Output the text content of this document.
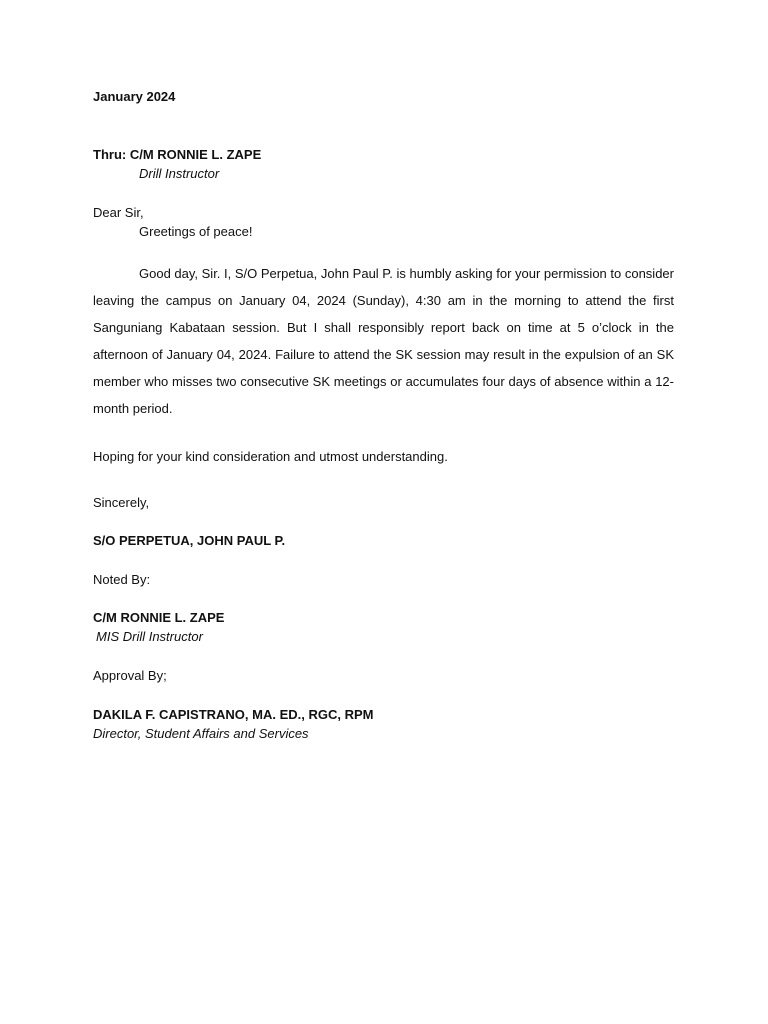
January 2024
Thru: C/M RONNIE L. ZAPE
Drill Instructor
Dear Sir,
Greetings of peace!

Good day, Sir. I, S/O Perpetua, John Paul P. is humbly asking for your permission to consider leaving the campus on January 04, 2024 (Sunday), 4:30 am in the morning to attend the first Sanguniang Kabataan session. But I shall responsibly report back on time at 5 o’clock in the afternoon of January 04, 2024. Failure to attend the SK session may result in the expulsion of an SK member who misses two consecutive SK meetings or accumulates four days of absence within a 12-month period.

Hoping for your kind consideration and utmost understanding.
Sincerely,
S/O PERPETUA, JOHN PAUL P.
Noted By:
C/M RONNIE L. ZAPE
MIS Drill Instructor
Approval By;
DAKILA F. CAPISTRANO, MA. ED., RGC, RPM
Director, Student Affairs and Services
